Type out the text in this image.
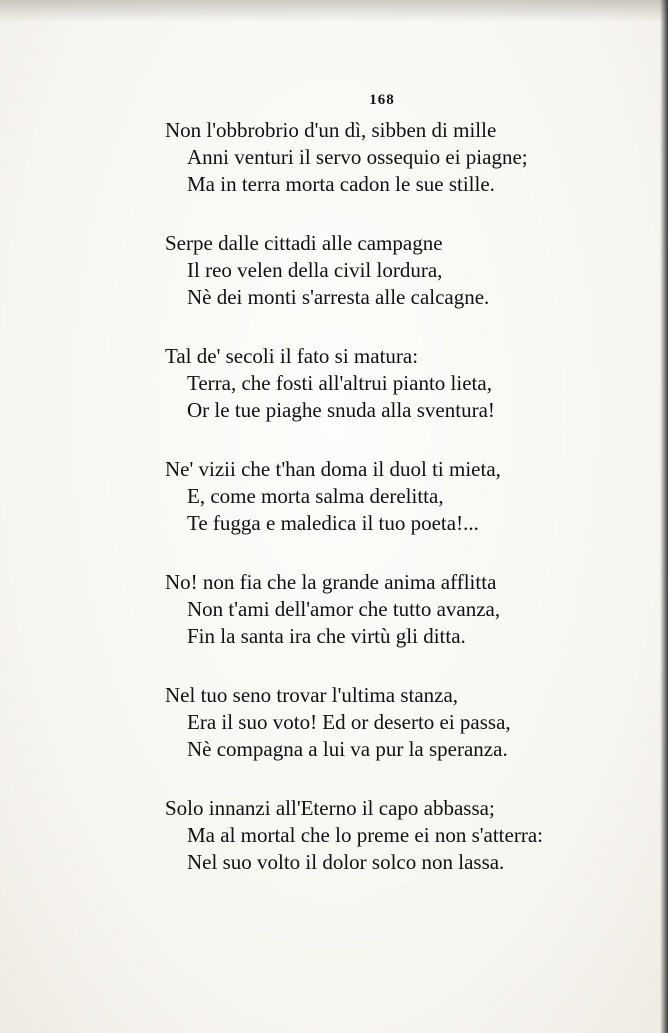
168
Non l'obbrobrio d'un dì, sibben di mille
Anni venturi il servo ossequio ei piagne;
Ma in terra morta cadon le sue stille.
Serpe dalle cittadi alle campagne
Il reo velen della civil lordura,
Nè dei monti s'arresta alle calcagne.
Tal de' secoli il fato si matura:
Terra, che fosti all'altrui pianto lieta,
Or le tue piaghe snuda alla sventura!
Ne' vizii che t'han doma il duol ti mieta,
E, come morta salma derelitta,
Te fugga e maledica il tuo poeta!...
No! non fia che la grande anima afflitta
Non t'ami dell'amor che tutto avanza,
Fin la santa ira che virtù gli ditta.
Nel tuo seno trovar l'ultima stanza,
Era il suo voto! Ed or deserto ei passa,
Nè compagna a lui va pur la speranza.
Solo innanzi all'Eterno il capo abbassa;
Ma al mortal che lo preme ei non s'atterra:
Nel suo volto il dolor solco non lassa.
